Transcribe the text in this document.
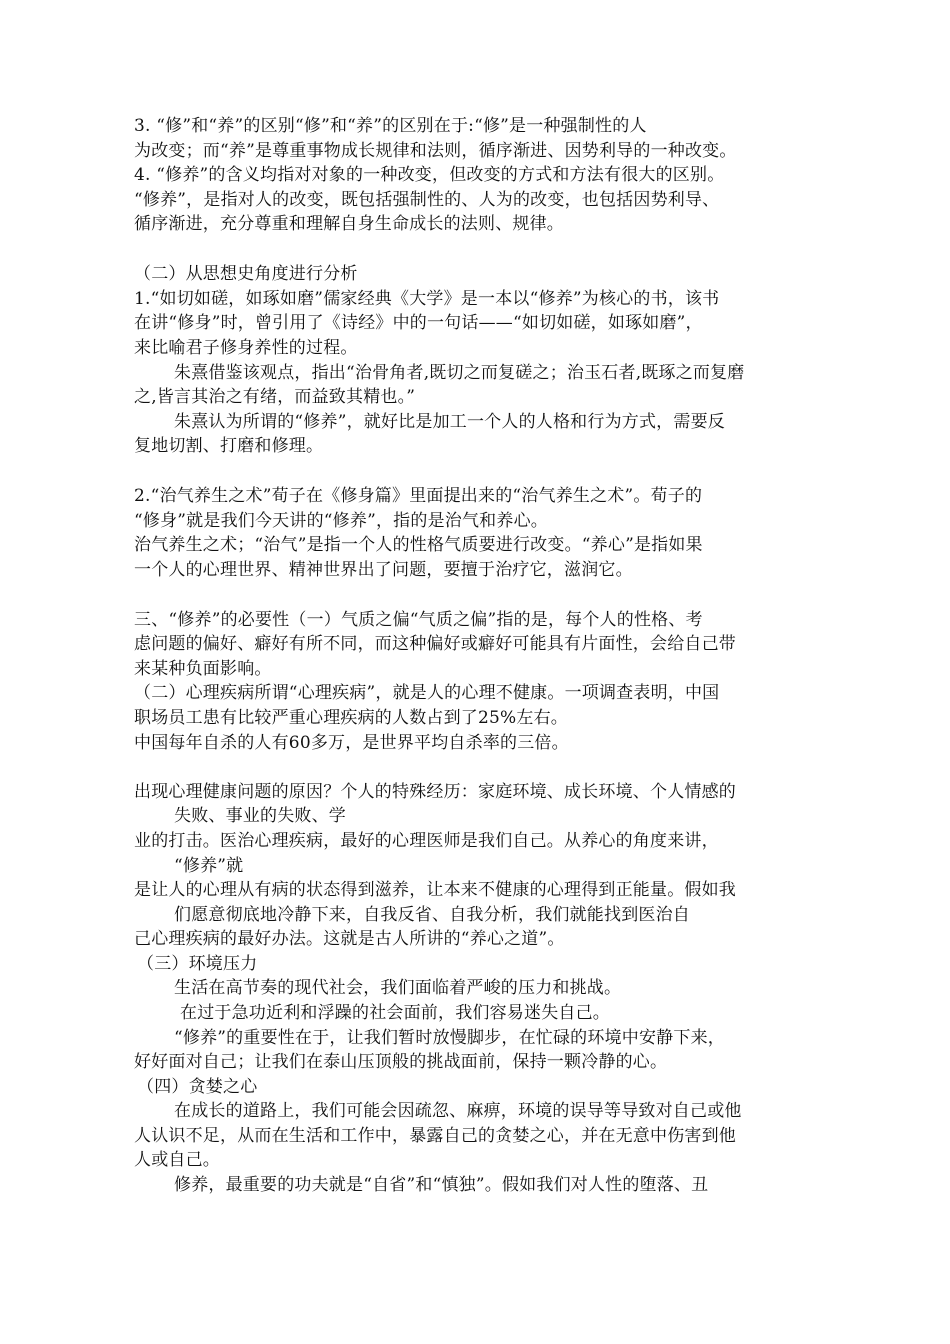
3. “修”和“养”的区别“修”和“养”的区别在于:“修”是一种强制性的人
为改变；而“养”是尊重事物成长规律和法则，循序渐进、因势利导的一种改变。
4. “修养”的含义均指对对象的一种改变，但改变的方式和方法有很大的区别。
“修养”，是指对人的改变，既包括强制性的、人为的改变，也包括因势利导、
循序渐进，充分尊重和理解自身生命成长的法则、规律。
（二）从思想史角度进行分析
1.“如切如磋，如琢如磨”儒家经典《大学》是一本以“修养”为核心的书，该书
在讲“修身”时，曾引用了《诗经》中的一句话——“如切如磋，如琢如磨”，
来比喻君子修身养性的过程。
朱熹借鉴该观点，指出“治骨角者,既切之而复磋之；治玉石者,既琢之而复磨
之,皆言其治之有绪，而益致其精也。”
朱熹认为所谓的“修养”，就好比是加工一个人的人格和行为方式，需要反
复地切割、打磨和修理。
2.“治气养生之术”荀子在《修身篇》里面提出来的“治气养生之术”。荀子的
“修身”就是我们今天讲的“修养”，指的是治气和养心。
治气养生之术；“治气”是指一个人的性格气质要进行改变。“养心”是指如果
一个人的心理世界、精神世界出了问题，要擅于治疗它，滋润它。
三、“修养”的必要性（一）气质之偏“气质之偏”指的是，每个人的性格、考
虑问题的偏好、癖好有所不同，而这种偏好或癖好可能具有片面性，会给自己带
来某种负面影响。
（二）心理疾病所谓“心理疾病”，就是人的心理不健康。一项调查表明，中国
职场员工患有比较严重心理疾病的人数占到了25%左右。
中国每年自杀的人有60多万，是世界平均自杀率的三倍。
出现心理健康问题的原因？个人的特殊经历：家庭环境、成长环境、个人情感的
失败、事业的失败、学
业的打击。医治心理疾病，最好的心理医师是我们自己。从养心的角度来讲，
“修养”就
是让人的心理从有病的状态得到滋养，让本来不健康的心理得到正能量。假如我
们愿意彻底地冷静下来，自我反省、自我分析，我们就能找到医治自
己心理疾病的最好办法。这就是古人所讲的“养心之道”。
（三）环境压力
生活在高节奏的现代社会，我们面临着严峻的压力和挑战。
在过于急功近利和浮躁的社会面前，我们容易迷失自己。
“修养”的重要性在于，让我们暂时放慢脚步，在忙碌的环境中安静下来，
好好面对自己；让我们在泰山压顶般的挑战面前，保持一颗冷静的心。
（四）贪婪之心
在成长的道路上，我们可能会因疏忽、麻痹，环境的误导等导致对自己或他
人认识不足，从而在生活和工作中，暴露自己的贪婪之心，并在无意中伤害到他
人或自己。
修养，最重要的功夫就是“自省”和“慎独”。假如我们对人性的堕落、丑
